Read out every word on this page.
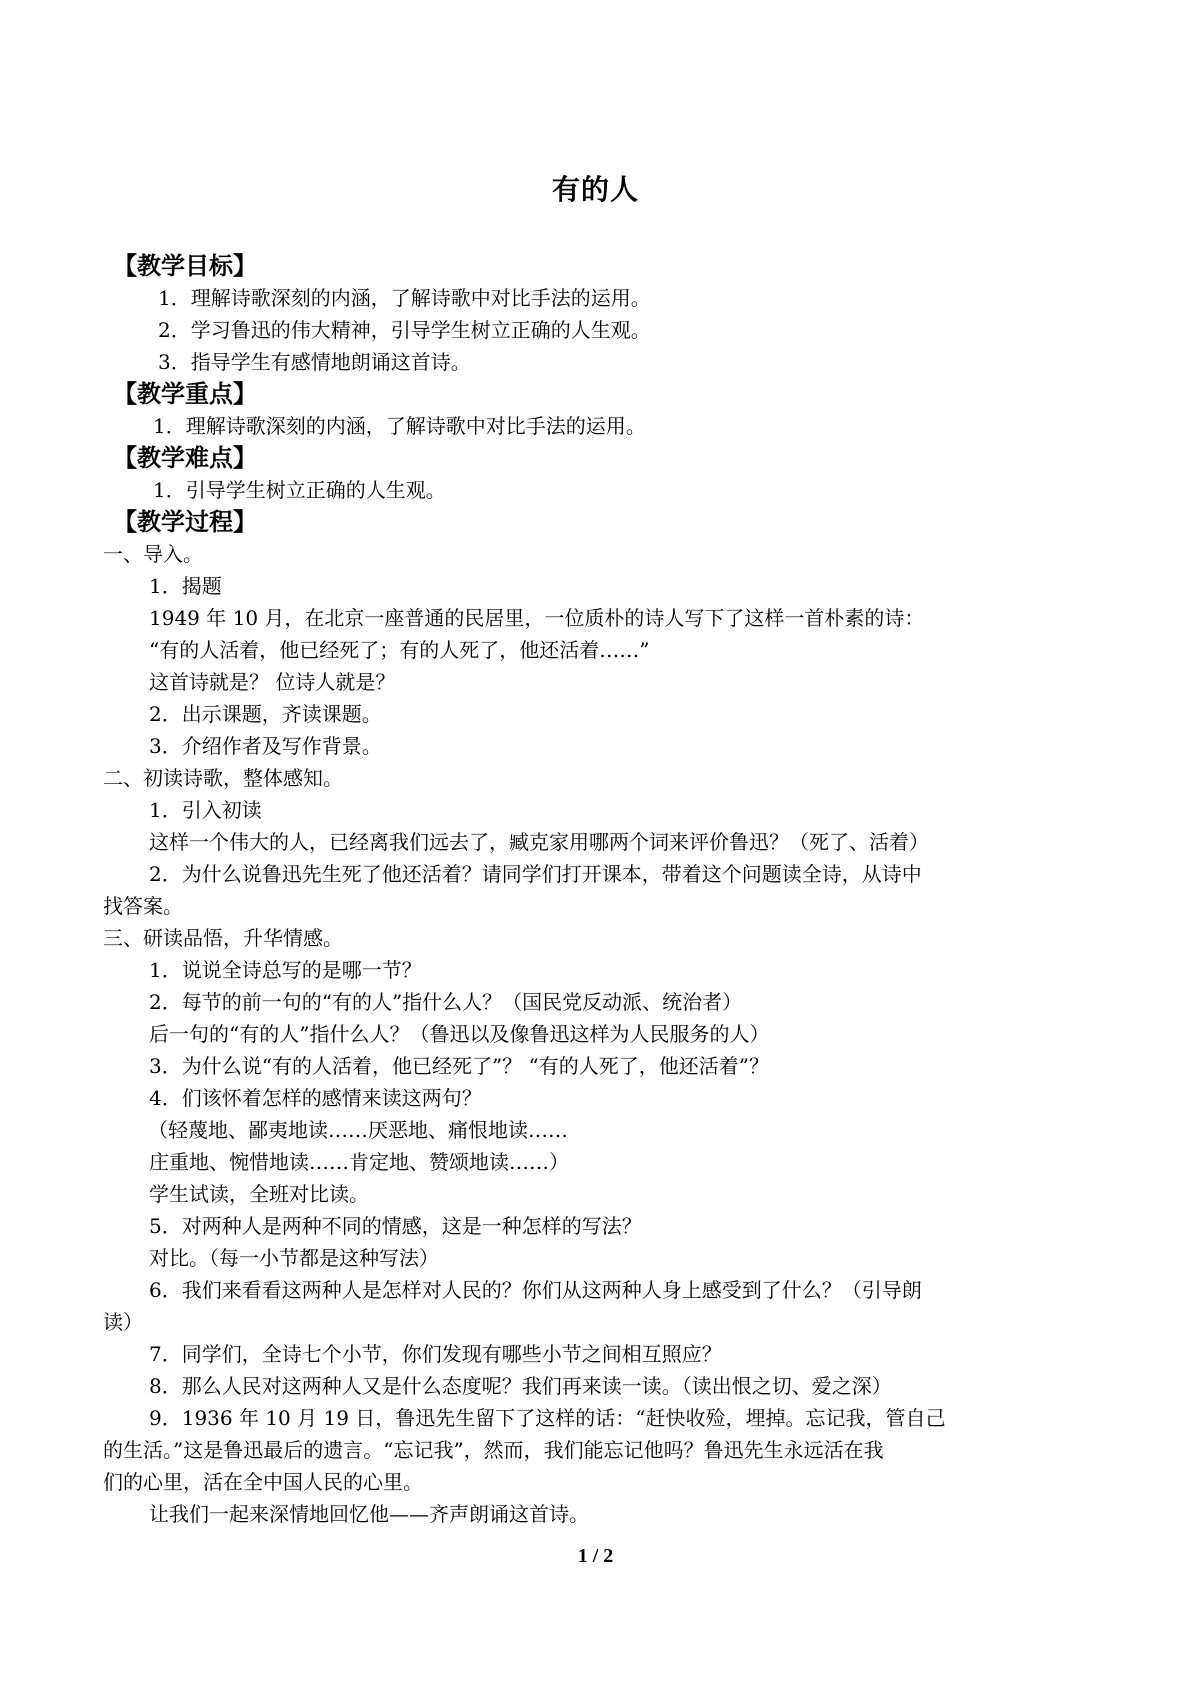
有的人
【教学目标】
1．理解诗歌深刻的内涵，了解诗歌中对比手法的运用。
2．学习鲁迅的伟大精神，引导学生树立正确的人生观。
3．指导学生有感情地朗诵这首诗。
【教学重点】
1．理解诗歌深刻的内涵，了解诗歌中对比手法的运用。
【教学难点】
1．引导学生树立正确的人生观。
【教学过程】
一、导入。
1．揭题
1949 年 10 月，在北京一座普通的民居里，一位质朴的诗人写下了这样一首朴素的诗：
“有的人活着，他已经死了；有的人死了，他还活着……”
这首诗就是？ 位诗人就是？
2．出示课题，齐读课题。
3．介绍作者及写作背景。
二、初读诗歌，整体感知。
1．引入初读
这样一个伟大的人，已经离我们远去了，臧克家用哪两个词来评价鲁迅？（死了、活着）
2．为什么说鲁迅先生死了他还活着？请同学们打开课本，带着这个问题读全诗，从诗中
找答案。
三、研读品悟，升华情感。
1．说说全诗总写的是哪一节？
2．每节的前一句的“有的人”指什么人？（国民党反动派、统治者）
后一句的“有的人”指什么人？（鲁迅以及像鲁迅这样为人民服务的人）
3．为什么说“有的人活着，他已经死了”？ “有的人死了，他还活着”？
4．们该怀着怎样的感情来读这两句？
（轻蔑地、鄙夷地读……厌恶地、痛恨地读……
庄重地、惋惜地读……肯定地、赞颂地读……）
学生试读，全班对比读。
5．对两种人是两种不同的情感，这是一种怎样的写法？
对比。（每一小节都是这种写法）
6．我们来看看这两种人是怎样对人民的？你们从这两种人身上感受到了什么？（引导朗
读）
7．同学们，全诗七个小节，你们发现有哪些小节之间相互照应？
8．那么人民对这两种人又是什么态度呢？我们再来读一读。（读出恨之切、爱之深）
9．1936 年 10 月 19 日，鲁迅先生留下了这样的话：“赶快收殓，埋掉。忘记我，管自己
的生活。”这是鲁迅最后的遗言。“忘记我”，然而，我们能忘记他吗？鲁迅先生永远活在我
们的心里，活在全中国人民的心里。
让我们一起来深情地回忆他——齐声朗诵这首诗。
1 / 2
